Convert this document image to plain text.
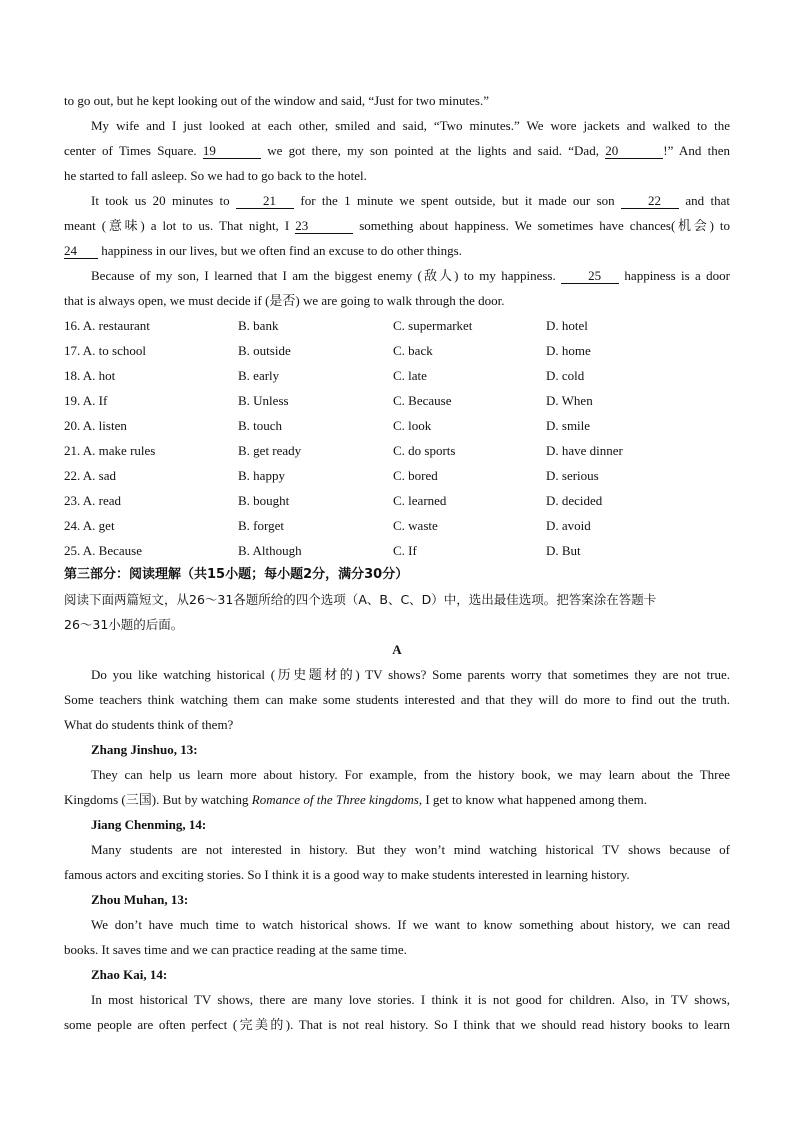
to go out, but he kept looking out of the window and said, “Just for two minutes.”
My wife and I just looked at each other, smiled and said, “Two minutes.” We wore jackets and walked to the
center of Times Square. 19	we got there, my son pointed at the lights and said. “Dad, 20	!” And then
he started to fall asleep. So we had to go back to the hotel.
It took us 20 minutes to	21 for the 1 minute we spent outside, but it made our son	22 and that
meant (意味) a lot to us. That night, I 23	something about happiness. We sometimes have chances(机会) to
24 happiness in our lives, but we often find an excuse to do other things.
Because of my son, I learned that I am the biggest enemy (敌人) to my happiness. 25 happiness is a door
that is always open, we must decide if (是否) we are going to walk through the door.
16. A. restaurant	B. bank	C. supermarket	D. hotel
17. A. to school	B. outside	C. back	D. home
18. A. hot	B. early	C. late	D. cold
19. A. If	B. Unless	C. Because	D. When
20. A. listen	B. touch	C. look	D. smile
21. A. make rules	B. get ready	C. do sports	D. have dinner
22. A. sad	B. happy	C. bored	D. serious
23. A. read	B. bought	C. learned	D. decided
24. A. get	B. forget	C. waste	D. avoid
25. A. Because	B. Although	C. If	D. But
第三部分：阅读理解（共15小题；每小题2分，满分30分）
阅读下面两篇短文，从26～31各题所给的四个选项（A、B、C、D）中，选出最佳选项。把答案涂在答题卡
26～31小题的后面。
A
Do you like watching historical (历史题材的) TV shows? Some parents worry that sometimes they are not true.
Some teachers think watching them can make some students interested and that they will do more to find out the truth.
What do students think of them?
Zhang Jinshuo, 13:
They can help us learn more about history. For example, from the history book, we may learn about the Three
Kingdoms (三国). But by watching Romance of the Three kingdoms, I get to know what happened among them.
Jiang Chenming, 14:
Many students are not interested in history. But they won’t mind watching historical TV shows because of
famous actors and exciting stories. So I think it is a good way to make students interested in learning history.
Zhou Muhan, 13:
We don’t have much time to watch historical shows. If we want to know something about history, we can read
books. It saves time and we can practice reading at the same time.
Zhao Kai, 14:
In most historical TV shows, there are many love stories. I think it is not good for children. Also, in TV shows,
some people are often perfect (完美的). That is not real history. So I think that we should read history books to learn
